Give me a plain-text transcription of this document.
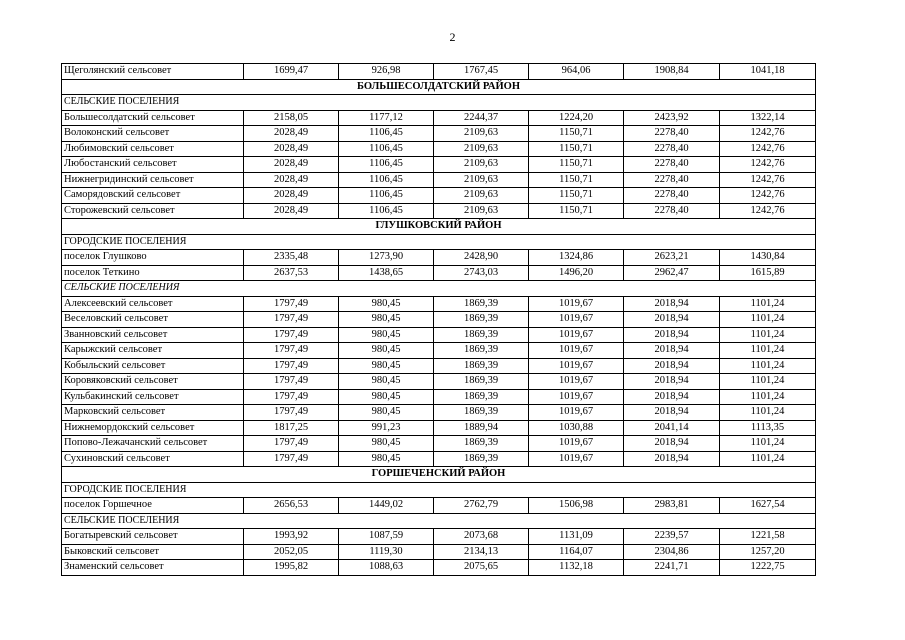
2
Щеголянский сельсовет	1699,47	926,98	1767,45	964,06	1908,84	1041,18
БОЛЬШЕСОЛДАТСКИЙ РАЙОН						
СЕЛЬСКИЕ ПОСЕЛЕНИЯ						
Большесолдатский сельсовет	2158,05	1177,12	2244,37	1224,20	2423,92	1322,14
Волоконский сельсовет	2028,49	1106,45	2109,63	1150,71	2278,40	1242,76
Любимовский сельсовет	2028,49	1106,45	2109,63	1150,71	2278,40	1242,76
Любостанский сельсовет	2028,49	1106,45	2109,63	1150,71	2278,40	1242,76
Нижнегридинский сельсовет	2028,49	1106,45	2109,63	1150,71	2278,40	1242,76
Саморядовский сельсовет	2028,49	1106,45	2109,63	1150,71	2278,40	1242,76
Сторожевский сельсовет	2028,49	1106,45	2109,63	1150,71	2278,40	1242,76
ГЛУШКОВСКИЙ РАЙОН						
ГОРОДСКИЕ ПОСЕЛЕНИЯ						
поселок Глушково	2335,48	1273,90	2428,90	1324,86	2623,21	1430,84
поселок Теткино	2637,53	1438,65	2743,03	1496,20	2962,47	1615,89
СЕЛЬСКИЕ ПОСЕЛЕНИЯ						
Алексеевский сельсовет	1797,49	980,45	1869,39	1019,67	2018,94	1101,24
Веселовский сельсовет	1797,49	980,45	1869,39	1019,67	2018,94	1101,24
Званновский сельсовет	1797,49	980,45	1869,39	1019,67	2018,94	1101,24
Карыжский сельсовет	1797,49	980,45	1869,39	1019,67	2018,94	1101,24
Кобыльский сельсовет	1797,49	980,45	1869,39	1019,67	2018,94	1101,24
Коровяковский сельсовет	1797,49	980,45	1869,39	1019,67	2018,94	1101,24
Кульбакинский сельсовет	1797,49	980,45	1869,39	1019,67	2018,94	1101,24
Марковский сельсовет	1797,49	980,45	1869,39	1019,67	2018,94	1101,24
Нижнемордокский сельсовет	1817,25	991,23	1889,94	1030,88	2041,14	1113,35
Попово-Лежачанский сельсовет	1797,49	980,45	1869,39	1019,67	2018,94	1101,24
Сухиновский сельсовет	1797,49	980,45	1869,39	1019,67	2018,94	1101,24
ГОРШЕЧЕНСКИЙ РАЙОН						
ГОРОДСКИЕ ПОСЕЛЕНИЯ						
поселок Горшечное	2656,53	1449,02	2762,79	1506,98	2983,81	1627,54
СЕЛЬСКИЕ ПОСЕЛЕНИЯ						
Богатыревский сельсовет	1993,92	1087,59	2073,68	1131,09	2239,57	1221,58
Быковский сельсовет	2052,05	1119,30	2134,13	1164,07	2304,86	1257,20
Знаменский сельсовет	1995,82	1088,63	2075,65	1132,18	2241,71	1222,75
